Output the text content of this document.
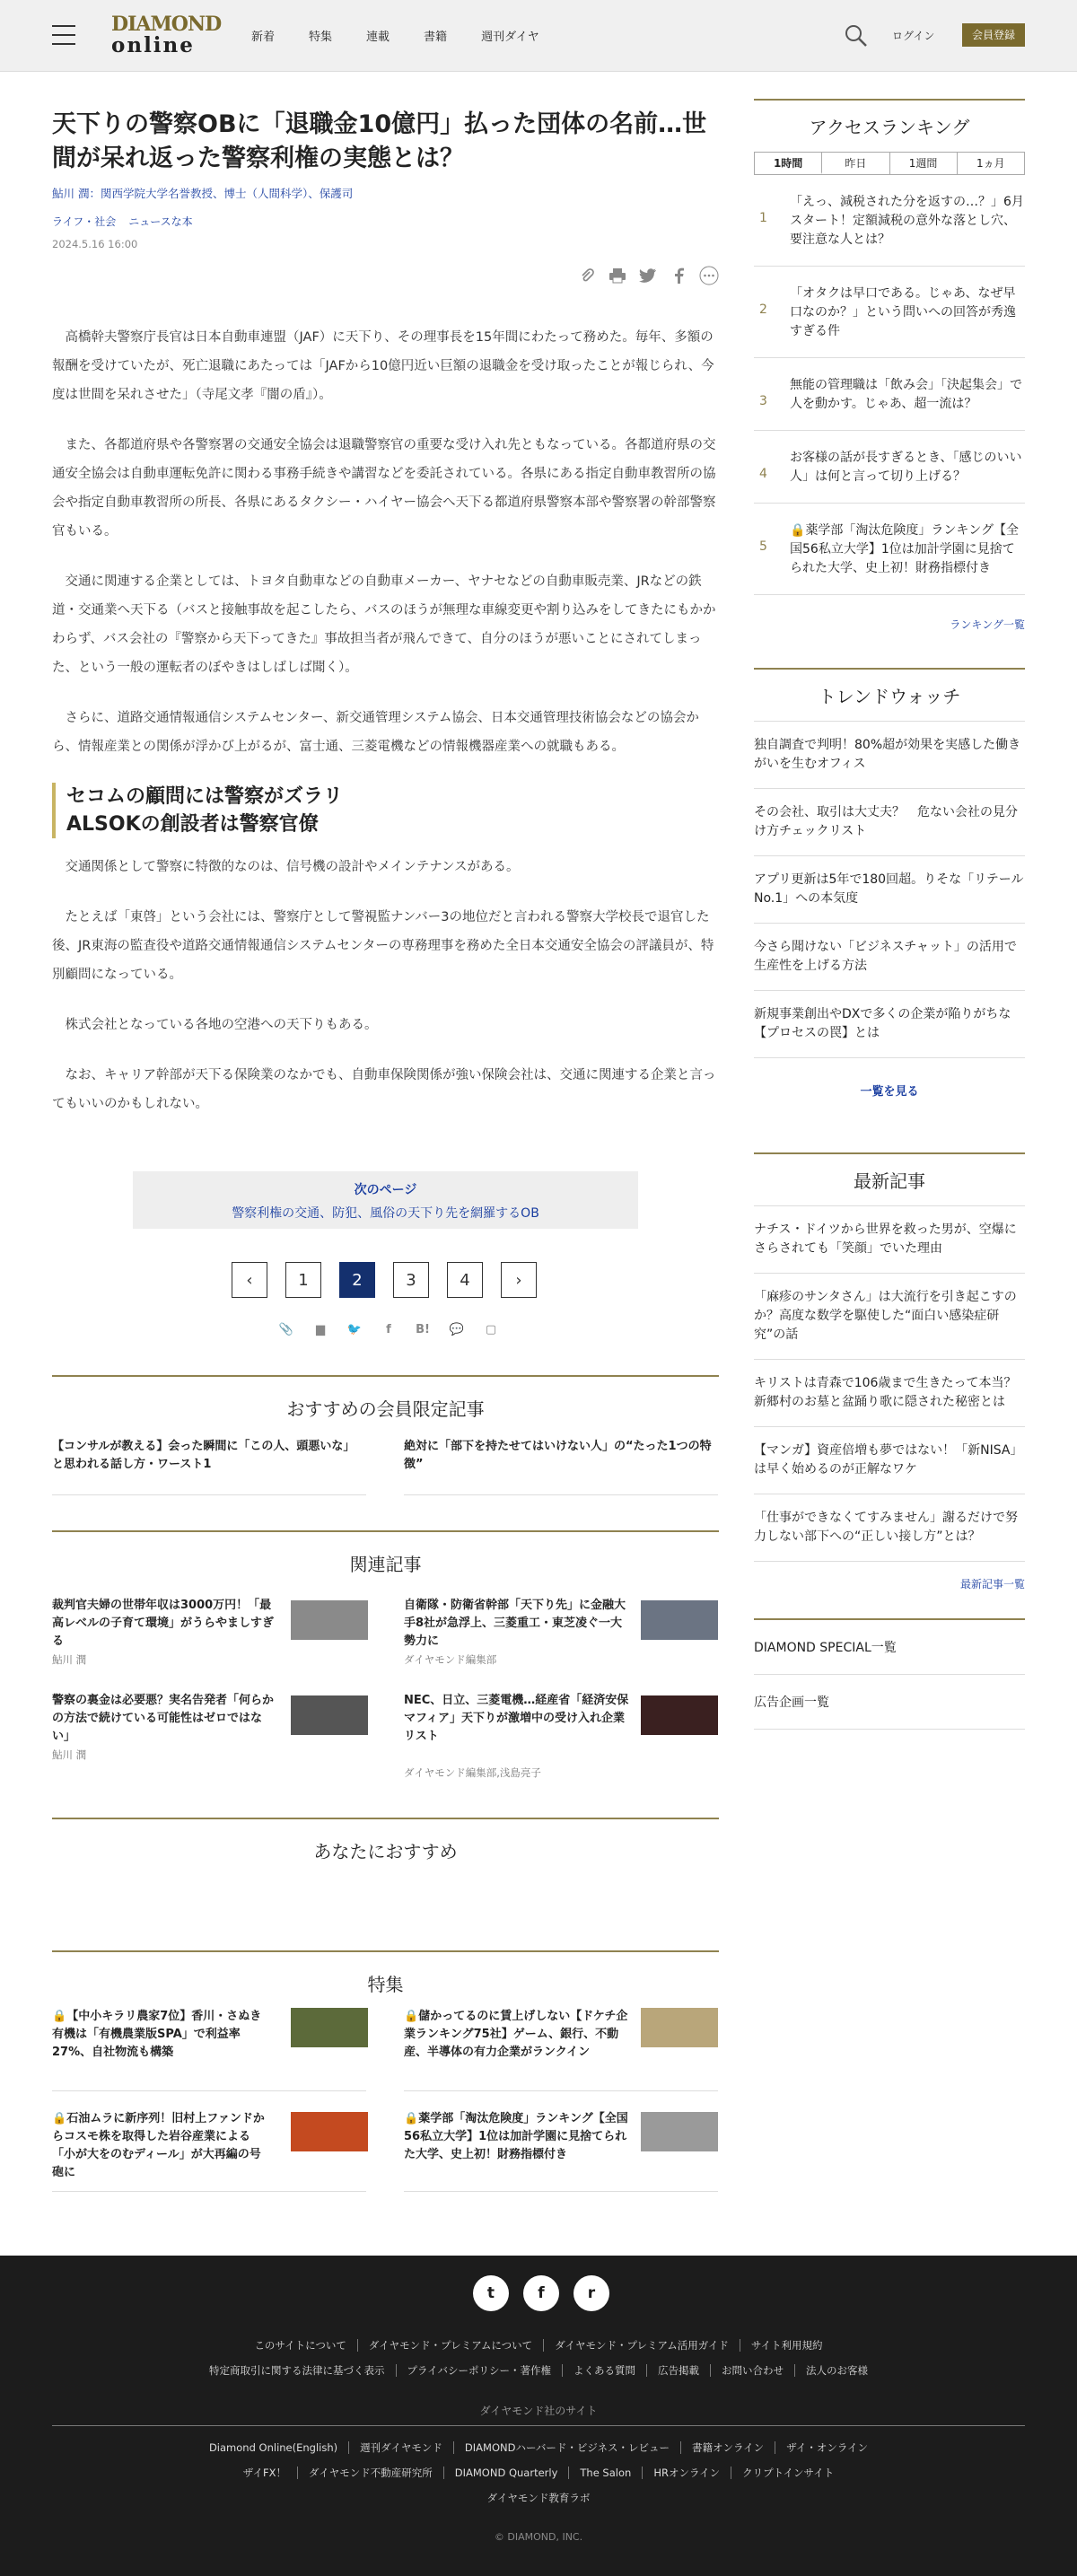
DIAMOND
online	新着	特集	連載	書籍	週刊ダイヤ	ログイン	会員登録
天下りの警察OBに「退職金10億円」払った団体の名前…世間が呆れ返った警察利権の実態とは？
鮎川 潤：関西学院大学名誉教授、博士（人間科学）、保護司
ライフ・社会 ニュースな本
2024.5.16 16:00

高橋幹夫警察庁長官は日本自動車連盟（JAF）に天下り、その理事長を15年間にわたって務めた。毎年、多額の報酬を受けていたが、死亡退職にあたっては「JAFから10億円近い巨額の退職金を受け取ったことが報じられ、今度は世間を呆れさせた」（寺尾文孝『闇の盾』）。

また、各都道府県や各警察署の交通安全協会は退職警察官の重要な受け入れ先ともなっている。各都道府県の交通安全協会は自動車運転免許に関わる事務手続きや講習などを委託されている。各県にある指定自動車教習所の協会や指定自動車教習所の所長、各県にあるタクシー・ハイヤー協会へ天下る都道府県警察本部や警察署の幹部警察官もいる。

交通に関連する企業としては、トヨタ自動車などの自動車メーカー、ヤナセなどの自動車販売業、JRなどの鉄道・交通業へ天下る（バスと接触事故を起こしたら、バスのほうが無理な車線変更や割り込みをしてきたにもかかわらず、バス会社の『警察から天下ってきた』事故担当者が飛んできて、自分のほうが悪いことにされてしまった、という一般の運転者のぼやきはしばしば聞く）。

さらに、道路交通情報通信システムセンター、新交通管理システム協会、日本交通管理技術協会などの協会から、情報産業との関係が浮かび上がるが、富士通、三菱電機などの情報機器産業への就職もある。

セコムの顧問には警察がズラリ
ALSOKの創設者は警察官僚

交通関係として警察に特徴的なのは、信号機の設計やメインテナンスがある。

たとえば「東啓」という会社には、警察庁として警視監ナンバー3の地位だと言われる警察大学校長で退官した後、JR東海の監査役や道路交通情報通信システムセンターの専務理事を務めた全日本交通安全協会の評議員が、特別顧問になっている。

株式会社となっている各地の空港への天下りもある。

なお、キャリア幹部が天下る保険業のなかでも、自動車保険関係が強い保険会社は、交通に関連する企業と言ってもいいのかもしれない。

次のページ
警察利権の交通、防犯、風俗の天下り先を網羅するOB
‹	1	2	3	4	›
📎	▆	🐦	f	B! 💬	▢
おすすめの会員限定記事
【コンサルが教える】会った瞬間に「この人、頭悪いな」と思われる話し方・ワースト1
絶対に「部下を持たせてはいけない人」の“たった1つの特徴”
関連記事
裁判官夫婦の世帯年収は3000万円！「最高レベルの子育て環境」がうらやましすぎる
鮎川 潤
自衛隊・防衛省幹部「天下り先」に金融大手8社が急浮上、三菱重工・東芝凌ぐ一大勢力に
ダイヤモンド編集部
警察の裏金は必要悪？実名告発者「何らかの方法で続けている可能性はゼロではない」
鮎川 潤
NEC、日立、三菱電機…経産省「経済安保マフィア」天下りが激増中の受け入れ企業リスト
ダイヤモンド編集部,浅島亮子
あなたにおすすめ
特集
🔒【中小キラリ農家7位】香川・さぬき有機は「有機農業版SPA」で利益率27%、自社物流も構築
🔒儲かってるのに賃上げしない【ドケチ企業ランキング75社】ゲーム、銀行、不動産、半導体の有力企業がランクイン
🔒石油ムラに新序列！旧村上ファンドからコスモ株を取得した岩谷産業による「小が大をのむディール」が大再編の号砲に
🔒薬学部「淘汰危険度」ランキング【全国56私立大学】1位は加計学園に見捨てられた大学、史上初！財務指標付き
アクセスランキング
1時間	昨日	1週間	1ヵ月
1
「えっ、減税された分を返すの…？」6月スタート！定額減税の意外な落とし穴、要注意な人とは？
2
「オタクは早口である。じゃあ、なぜ早口なのか？」という問いへの回答が秀逸すぎる件
3
無能の管理職は「飲み会」「決起集会」で人を動かす。じゃあ、超一流は？
4
お客様の話が長すぎるとき、「感じのいい人」は何と言って切り上げる？
5
🔒薬学部「淘汰危険度」ランキング【全国56私立大学】1位は加計学園に見捨てられた大学、史上初！財務指標付き
ランキング一覧
トレンドウォッチ
独自調査で判明！80%超が効果を実感した働きがいを生むオフィス
その会社、取引は大丈夫？　危ない会社の見分け方チェックリスト
アプリ更新は5年で180回超。りそな「リテールNo.1」への本気度
今さら聞けない「ビジネスチャット」の活用で生産性を上げる方法
新規事業創出やDXで多くの企業が陥りがちな【プロセスの罠】とは
一覧を見る
最新記事
ナチス・ドイツから世界を救った男が、空爆にさらされても「笑顔」でいた理由
「麻疹のサンタさん」は大流行を引き起こすのか？高度な数学を駆使した“面白い感染症研究”の話
キリストは青森で106歳まで生きたって本当？新郷村のお墓と盆踊り歌に隠された秘密とは
【マンガ】資産倍増も夢ではない！「新NISA」は早く始めるのが正解なワケ
「仕事ができなくてすみません」謝るだけで努力しない部下への“正しい接し方”とは？
最新記事一覧
DIAMOND SPECIAL一覧
広告企画一覧
t	f	r
このサイトについて ダイヤモンド・プレミアムについて ダイヤモンド・プレミアム活用ガイド サイト利用規約
特定商取引に関する法律に基づく表示 プライバシーポリシー・著作権 よくある質問 広告掲載 お問い合わせ 法人のお客様
ダイヤモンド社のサイト
Diamond Online(English) 週刊ダイヤモンド DIAMONDハーバード・ビジネス・レビュー 書籍オンライン ザイ・オンライン
ザイFX！ ダイヤモンド不動産研究所 DIAMOND Quarterly The Salon HRオンライン クリプトインサイト
ダイヤモンド教育ラボ
© DIAMOND, INC.
